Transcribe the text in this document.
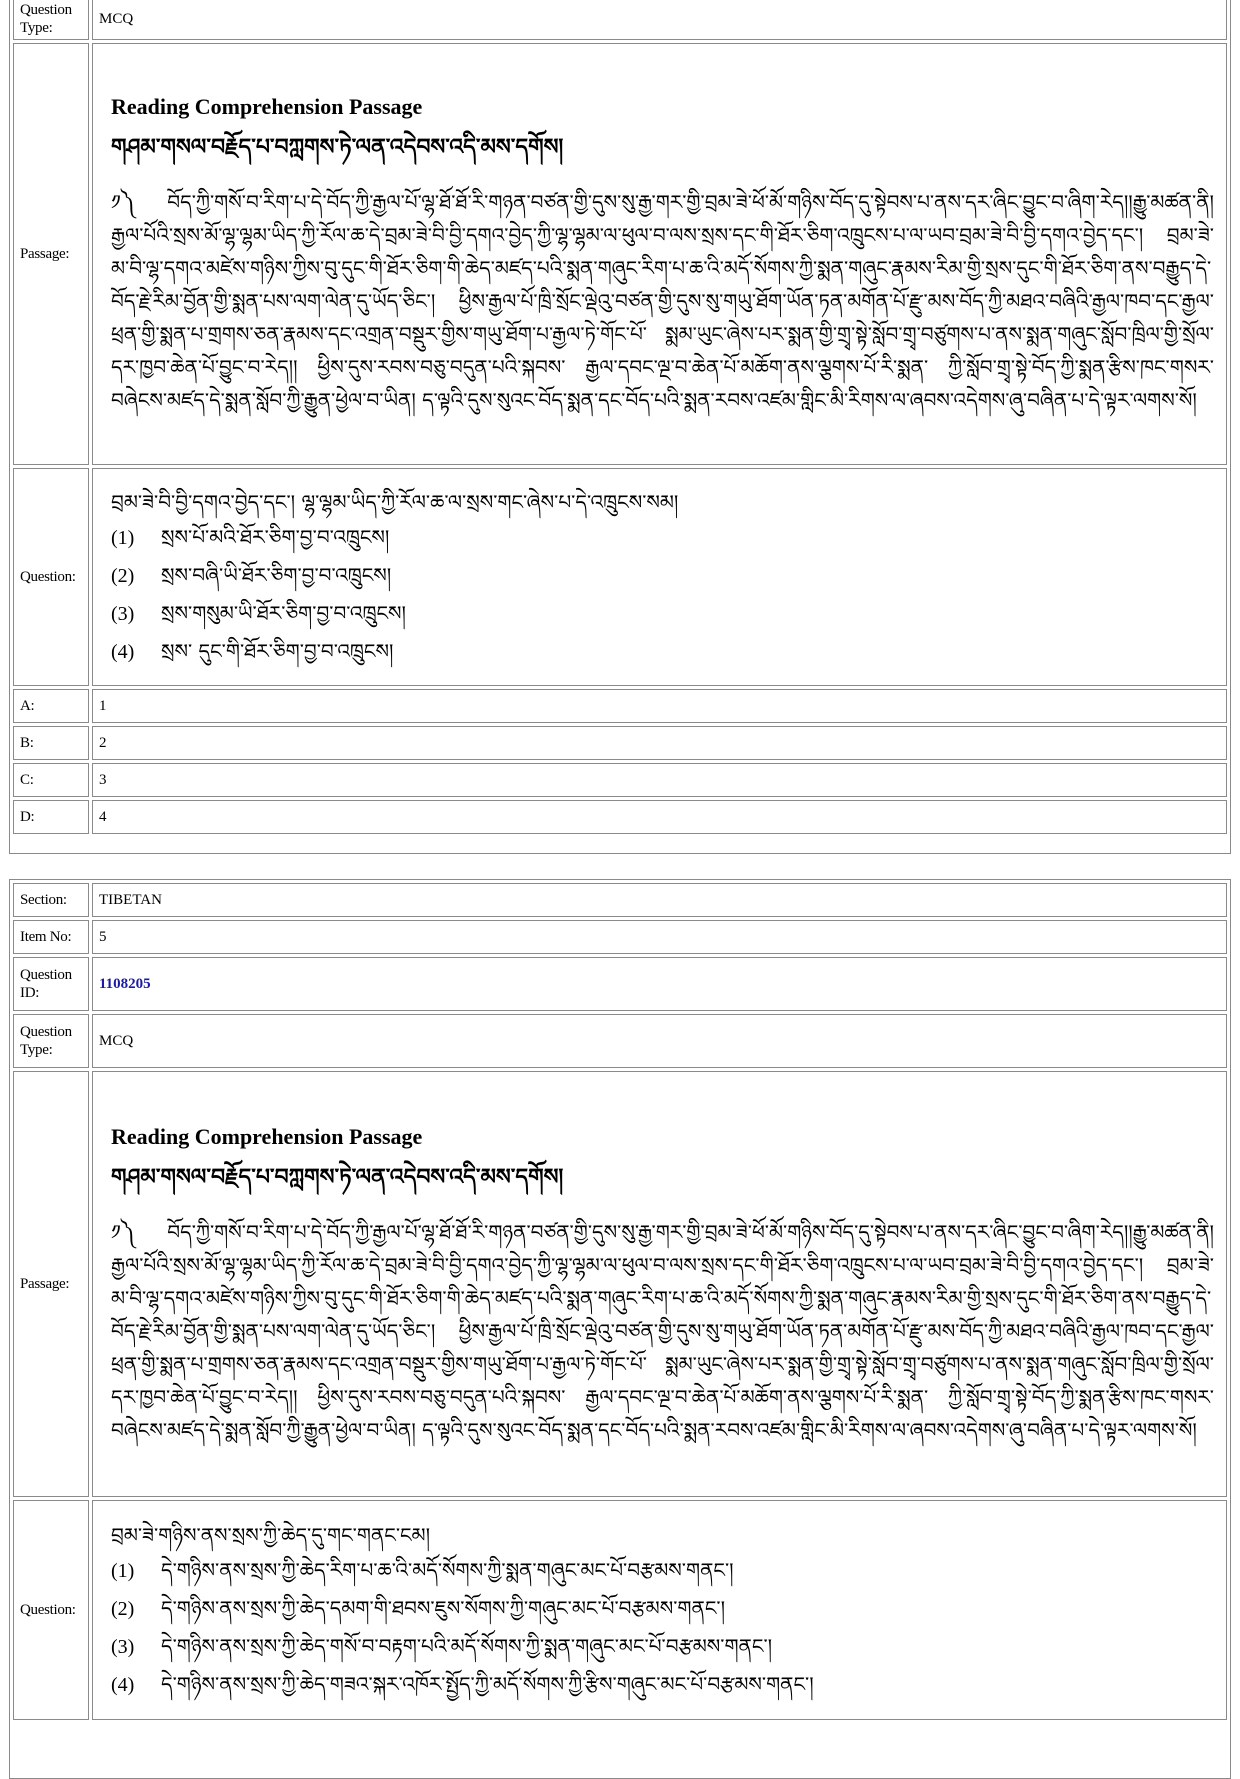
Question Type:	MCQ
Passage:	Reading Comprehension Passage
གཤམ་གསལ་བརྗོད་པ་བཀླགས་ཏེ་ལན་འདེབས་འདི་མས་དགོས།
༡༽ བོད་ཀྱི་གསོ་བ་རིག་པ་དེ་བོད་ཀྱི་རྒྱལ་པོ་ལྷ་ཐོ་ཐོ་རི་གཉན་བཙན་གྱི་དུས་སུ་རྒྱ་གར་གྱི་བྲམ་ཟེ་ཕོ་མོ་གཉིས་བོད་དུ་སྟེབས་པ་ནས་དར་ཞིང་བྱུང་བ་ཞིག་རེད།།རྒྱུ་མཚན་ནི། རྒྱལ་པོའི་སྲས་མོ་ལྷ་ལྷམ་ཡིད་ཀྱི་རོལ་ཆ་དེ་བྲམ་ཟེ་བི་བྱི་དགའ་བྱེད་ཀྱི་ལྷ་ལྷམ་ལ་ཕུལ་བ་ལས་སྲས་དང་གི་ཐོར་ཅིག་འཁྲུངས་པ་ལ་ཡབ་བྲམ་ཟེ་བི་བྱི་དགའ་བྱེད་དང་། བྲམ་ཟེ་མ་བི་ལྷ་དགའ་མཛེས་གཉིས་ཀྱིས་བུ་དུང་གི་ཐོར་ཅིག་གི་ཆེད་མཛད་པའི་སྨན་གཞུང་རིག་པ་ཆ་འི་མདོ་སོགས་ཀྱི་སྨན་གཞུང་རྣམས་རིམ་གྱི་སྲས་དུང་གི་ཐོར་ཅིག་ནས་བརྒྱུད་དེ་བོད་རྗེ་རིམ་བྱོན་གྱི་སྨན་པས་ལག་ལེན་དུ་ཡོད་ཅིང་། ཕྱིས་རྒྱལ་པོ་ཁྲི་སྲོང་ལྡེའུ་བཙན་གྱི་དུས་སུ་གཡུ་ཐོག་ཡོན་ཏན་མགོན་པོ་རྫུ་མས་བོད་ཀྱི་མཐའ་བཞིའི་རྒྱལ་ཁབ་དང་རྒྱལ་ཕྲན་གྱི་སྨན་པ་གྲགས་ཅན་རྣམས་དང་འགྲན་བསྡུར་གྱིས་གཡུ་ཐོག་པ་རྒྱལ་ཏེ་གོང་པོ་ སྨམ་ཡུང་ཞེས་པར་སྨན་གྱི་གྲྭ་སྟེ་སློབ་གྲྭ་བཙུགས་པ་ནས་སྨན་གཞུང་སློབ་ཁྲིལ་གྱི་སྲོལ་དར་ཁྱབ་ཆེན་པོ་བྱུང་བ་རེད།། ཕྱིས་དུས་རབས་བཅུ་བདུན་པའི་སྐབས་ རྒྱལ་དབང་ལྔ་བ་ཆེན་པོ་མཆོག་ནས་ལྕགས་པོ་རི་སྨན་ ཀྱི་སློབ་གྲྭ་སྟེ་བོད་ཀྱི་སྨན་རྩིས་ཁང་གསར་བཞེངས་མཛད་དེ་སྨན་སློབ་ཀྱི་རྒྱུན་ཕྱེལ་བ་ཡིན། ད་ལྟའི་དུས་སུའང་བོད་སྨན་དང་བོད་པའི་སྨན་རབས་འཛམ་གླིང་མི་རིགས་ལ་ཞབས་འདེགས་ཞུ་བཞིན་པ་དེ་ལྟར་ལགས་སོ།

Question:	བྲམ་ཟེ་བི་བྱི་དགའ་བྱེད་དང་། ལྷ་ལྷམ་ཡིད་ཀྱི་རོལ་ཆ་ལ་སྲས་གང་ཞེས་པ་དེ་འཁྲུངས་སམ།
(1) སྲས་པོ་མའི་ཐོར་ཅིག་བྱ་བ་འཁྲུངས།
(2) སྲས་བཞི་ཡི་ཐོར་ཅིག་བྱ་བ་འཁྲུངས།
(3) སྲས་གསུམ་ཡི་ཐོར་ཅིག་བྱ་བ་འཁྲུངས།
(4) སྲས་ དུང་གི་ཐོར་ཅིག་བྱ་བ་འཁྲུངས།

A:	1
B:	2
C:	3
D:	4
Section:	TIBETAN
Item No:	5
Question ID:	1108205
Question Type:	MCQ
Passage:	Reading Comprehension Passage
གཤམ་གསལ་བརྗོད་པ་བཀླགས་ཏེ་ལན་འདེབས་འདི་མས་དགོས།
༡༽ བོད་ཀྱི་གསོ་བ་རིག་པ་དེ་བོད་ཀྱི་རྒྱལ་པོ་ལྷ་ཐོ་ཐོ་རི་གཉན་བཙན་གྱི་དུས་སུ་རྒྱ་གར་གྱི་བྲམ་ཟེ་ཕོ་མོ་གཉིས་བོད་དུ་སྟེབས་པ་ནས་དར་ཞིང་བྱུང་བ་ཞིག་རེད།།རྒྱུ་མཚན་ནི། རྒྱལ་པོའི་སྲས་མོ་ལྷ་ལྷམ་ཡིད་ཀྱི་རོལ་ཆ་དེ་བྲམ་ཟེ་བི་བྱི་དགའ་བྱེད་ཀྱི་ལྷ་ལྷམ་ལ་ཕུལ་བ་ལས་སྲས་དང་གི་ཐོར་ཅིག་འཁྲུངས་པ་ལ་ཡབ་བྲམ་ཟེ་བི་བྱི་དགའ་བྱེད་དང་། བྲམ་ཟེ་མ་བི་ལྷ་དགའ་མཛེས་གཉིས་ཀྱིས་བུ་དུང་གི་ཐོར་ཅིག་གི་ཆེད་མཛད་པའི་སྨན་གཞུང་རིག་པ་ཆ་འི་མདོ་སོགས་ཀྱི་སྨན་གཞུང་རྣམས་རིམ་གྱི་སྲས་དུང་གི་ཐོར་ཅིག་ནས་བརྒྱུད་དེ་བོད་རྗེ་རིམ་བྱོན་གྱི་སྨན་པས་ལག་ལེན་དུ་ཡོད་ཅིང་། ཕྱིས་རྒྱལ་པོ་ཁྲི་སྲོང་ལྡེའུ་བཙན་གྱི་དུས་སུ་གཡུ་ཐོག་ཡོན་ཏན་མགོན་པོ་རྫུ་མས་བོད་ཀྱི་མཐའ་བཞིའི་རྒྱལ་ཁབ་དང་རྒྱལ་ཕྲན་གྱི་སྨན་པ་གྲགས་ཅན་རྣམས་དང་འགྲན་བསྡུར་གྱིས་གཡུ་ཐོག་པ་རྒྱལ་ཏེ་གོང་པོ་ སྨམ་ཡུང་ཞེས་པར་སྨན་གྱི་གྲྭ་སྟེ་སློབ་གྲྭ་བཙུགས་པ་ནས་སྨན་གཞུང་སློབ་ཁྲིལ་གྱི་སྲོལ་དར་ཁྱབ་ཆེན་པོ་བྱུང་བ་རེད།། ཕྱིས་དུས་རབས་བཅུ་བདུན་པའི་སྐབས་ རྒྱལ་དབང་ལྔ་བ་ཆེན་པོ་མཆོག་ནས་ལྕགས་པོ་རི་སྨན་ ཀྱི་སློབ་གྲྭ་སྟེ་བོད་ཀྱི་སྨན་རྩིས་ཁང་གསར་བཞེངས་མཛད་དེ་སྨན་སློབ་ཀྱི་རྒྱུན་ཕྱེལ་བ་ཡིན། ད་ལྟའི་དུས་སུའང་བོད་སྨན་དང་བོད་པའི་སྨན་རབས་འཛམ་གླིང་མི་རིགས་ལ་ཞབས་འདེགས་ཞུ་བཞིན་པ་དེ་ལྟར་ལགས་སོ།

Question:	བྲམ་ཟེ་གཉིས་ནས་སྲས་ཀྱི་ཆེད་དུ་གང་གནང་ངམ།
(1) དེ་གཉིས་ནས་སྲས་ཀྱི་ཆེད་རིག་པ་ཆ་འི་མདོ་སོགས་ཀྱི་སྨན་གཞུང་མང་པོ་བརྩམས་གནང་།
(2) དེ་གཉིས་ནས་སྲས་ཀྱི་ཆེད་དམག་གི་ཐབས་ཇུས་སོགས་ཀྱི་གཞུང་མང་པོ་བརྩམས་གནང་།
(3) དེ་གཉིས་ནས་སྲས་ཀྱི་ཆེད་གསོ་བ་བརྟག་པའི་མདོ་སོགས་ཀྱི་སྨན་གཞུང་མང་པོ་བརྩམས་གནང་།
(4) དེ་གཉིས་ནས་སྲས་ཀྱི་ཆེད་གཟའ་སྐར་འཁོར་སྤྱོད་ཀྱི་མདོ་སོགས་ཀྱི་རྩིས་གཞུང་མང་པོ་བརྩམས་གནང་།
